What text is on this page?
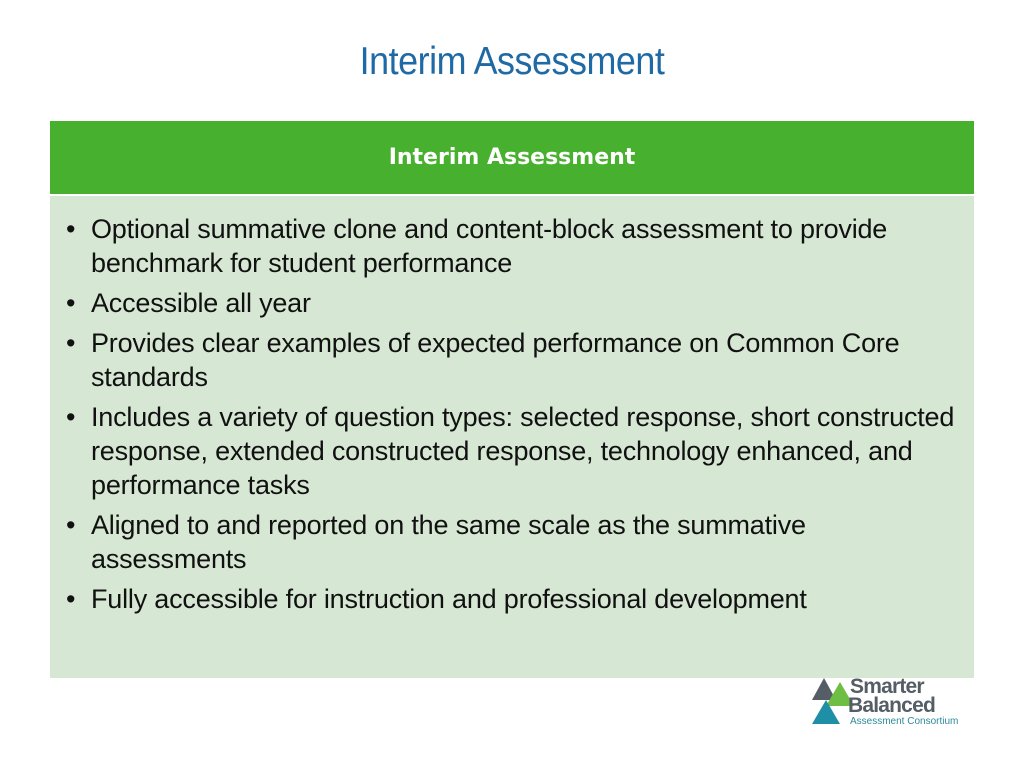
Interim Assessment
Interim Assessment
• Optional summative clone and content-block assessment to provide benchmark for student performance
• Accessible all year
• Provides clear examples of expected performance on Common Core standards
• Includes a variety of question types: selected response, short constructed response, extended constructed response, technology enhanced, and performance tasks
• Aligned to and reported on the same scale as the summative assessments
• Fully accessible for instruction and professional development
Smarter
Balanced
Assessment Consortium
